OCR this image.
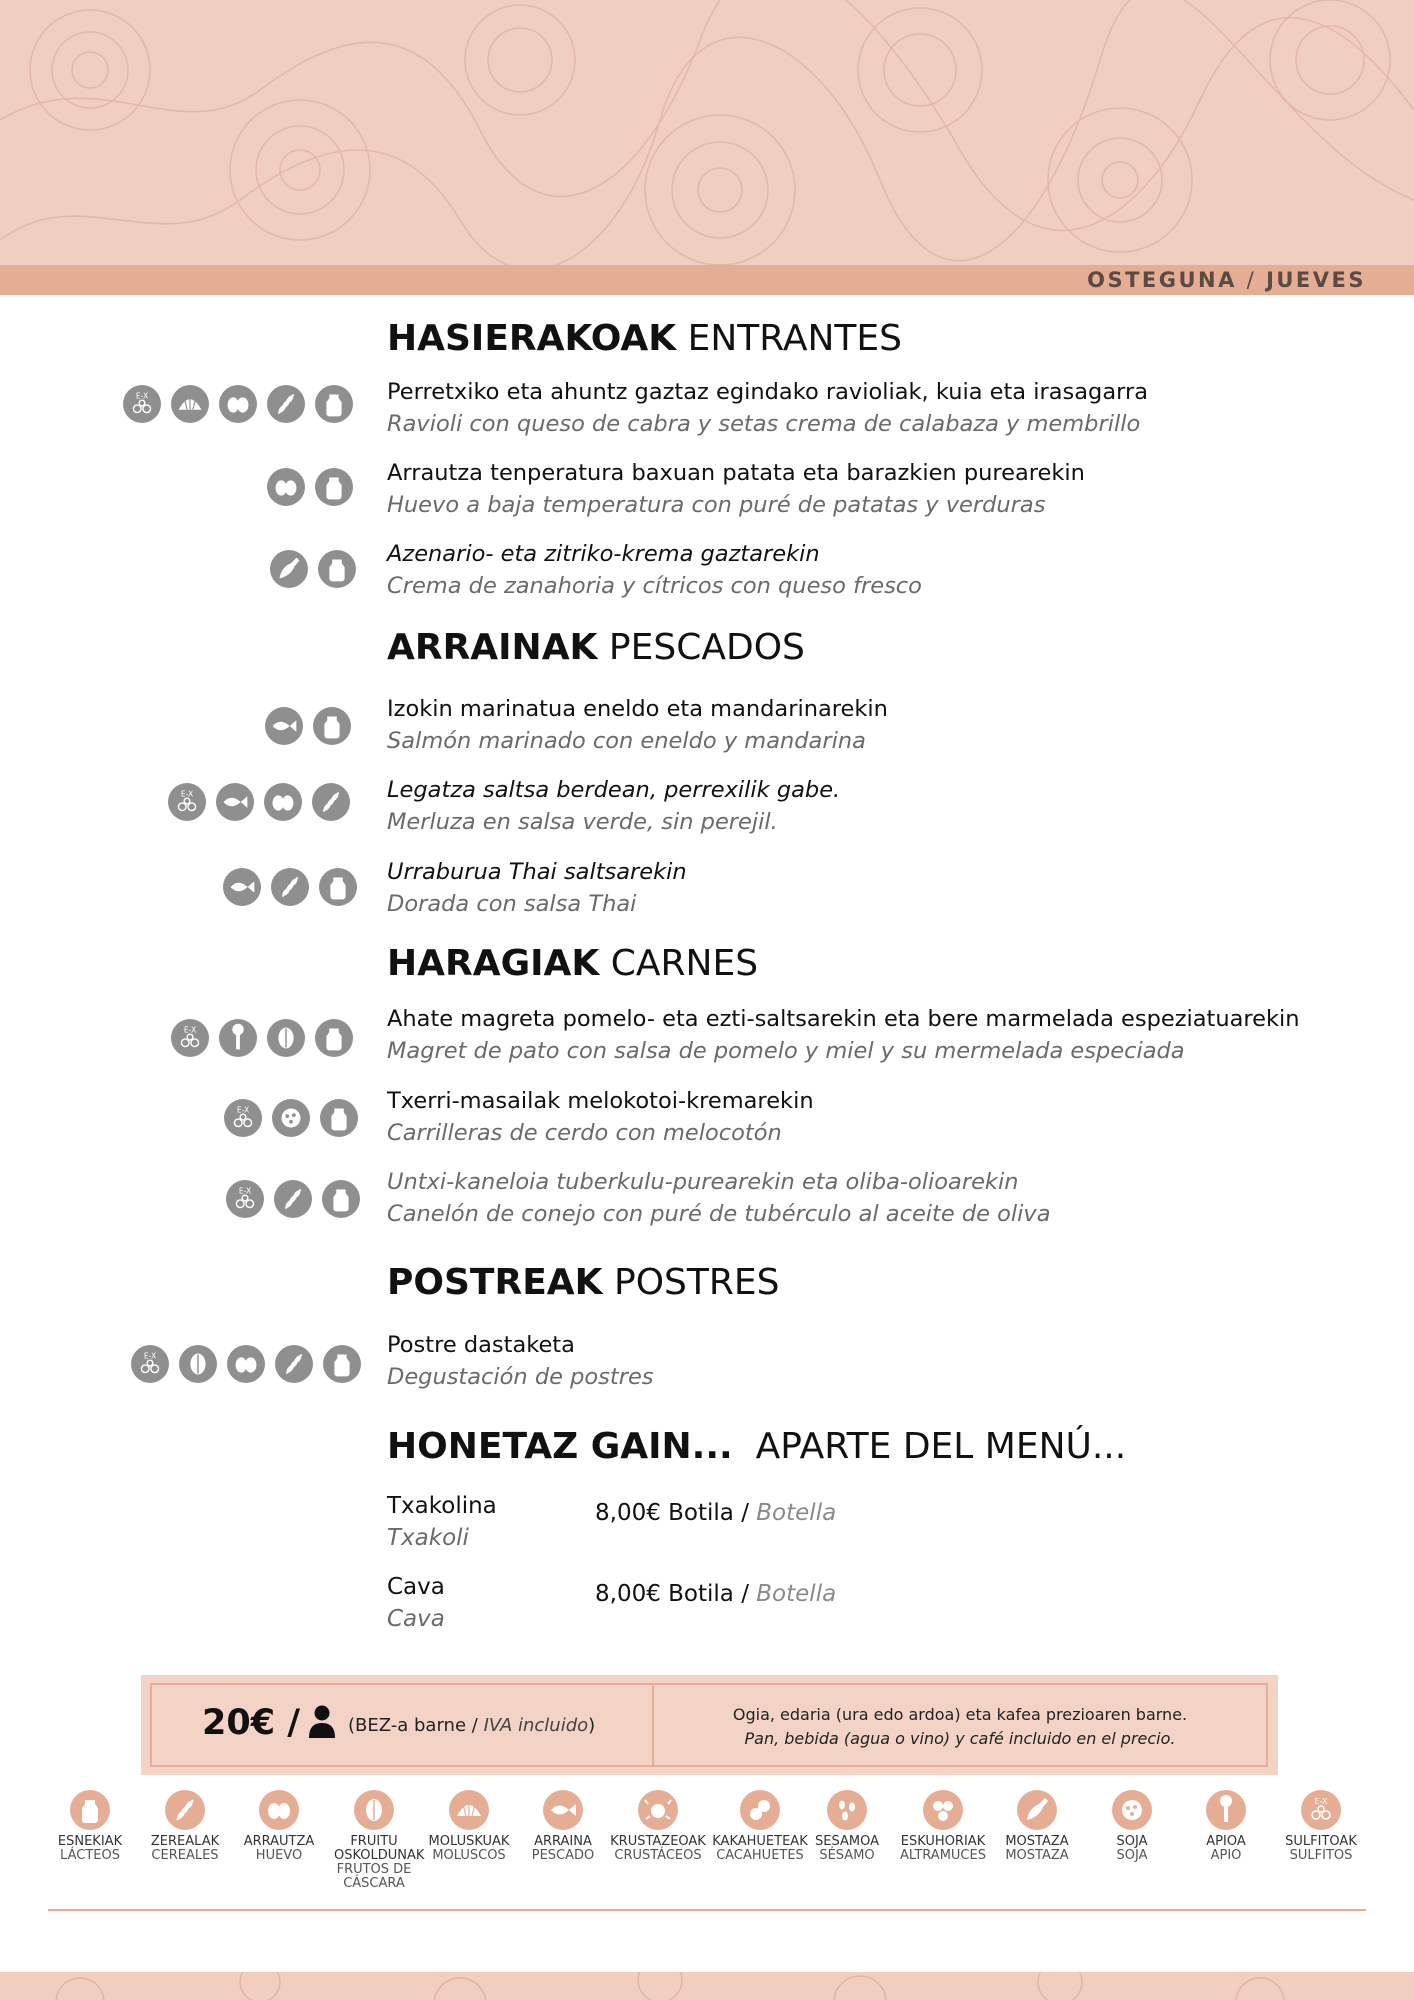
OSTEGUNA / JUEVES
HASIERAKOAK ENTRANTES
E-X	Perretxiko eta ahuntz gaztaz egindako ravioliak, kuia eta irasagarra
Ravioli con queso de cabra y setas crema de calabaza y membrillo
Arrautza tenperatura baxuan patata eta barazkien purearekin
Huevo a baja temperatura con puré de patatas y verduras
Azenario- eta zitriko-krema gaztarekin
Crema de zanahoria y cítricos con queso fresco
ARRAINAK PESCADOS
Izokin marinatua eneldo eta mandarinarekin
Salmón marinado con eneldo y mandarina
E-X	Legatza saltsa berdean, perrexilik gabe.
Merluza en salsa verde, sin perejil.
Urraburua Thai saltsarekin
Dorada con salsa Thai
HARAGIAK CARNES
E-X	Ahate magreta pomelo- eta ezti-saltsarekin eta bere marmelada espeziatuarekin
Magret de pato con salsa de pomelo y miel y su mermelada especiada
E-X	Txerri-masailak melokotoi-kremarekin
Carrilleras de cerdo con melocotón
E-X	Untxi-kaneloia tuberkulu-purearekin eta oliba-olioarekin
Canelón de conejo con puré de tubérculo al aceite de oliva
POSTREAK POSTRES
E-X	Postre dastaketa
Degustación de postres
HONETAZ GAIN... APARTE DEL MENÚ...
Txakolina
Txakoli
8,00€ Botila / Botella
Cava
Cava
8,00€ Botila / Botella
20€ /	(BEZ-a barne / IVA incluido)
Ogia, edaria (ura edo ardoa) eta kafea prezioaren barne.
Pan, bebida (agua o vino) y café incluido en el precio.
ESNEKIAK
LÁCTEOS
ZEREALAK
CEREALES
ARRAUTZA
HUEVO
FRUITU OSKOLDUNAK
FRUTOS DE CÁSCARA
MOLUSKUAK
MOLUSCOS
ARRAINA
PESCADO
KRUSTAZEOAK
CRUSTÁCEOS
KAKAHUETEAK
CACAHUETES
SESAMOA
SÉSAMO
ESKUHORIAK
ALTRAMUCES
MOSTAZA
MOSTAZA
SOJA
SOJA
APIOA
APIO
E-X
SULFITOAK
SULFITOS
